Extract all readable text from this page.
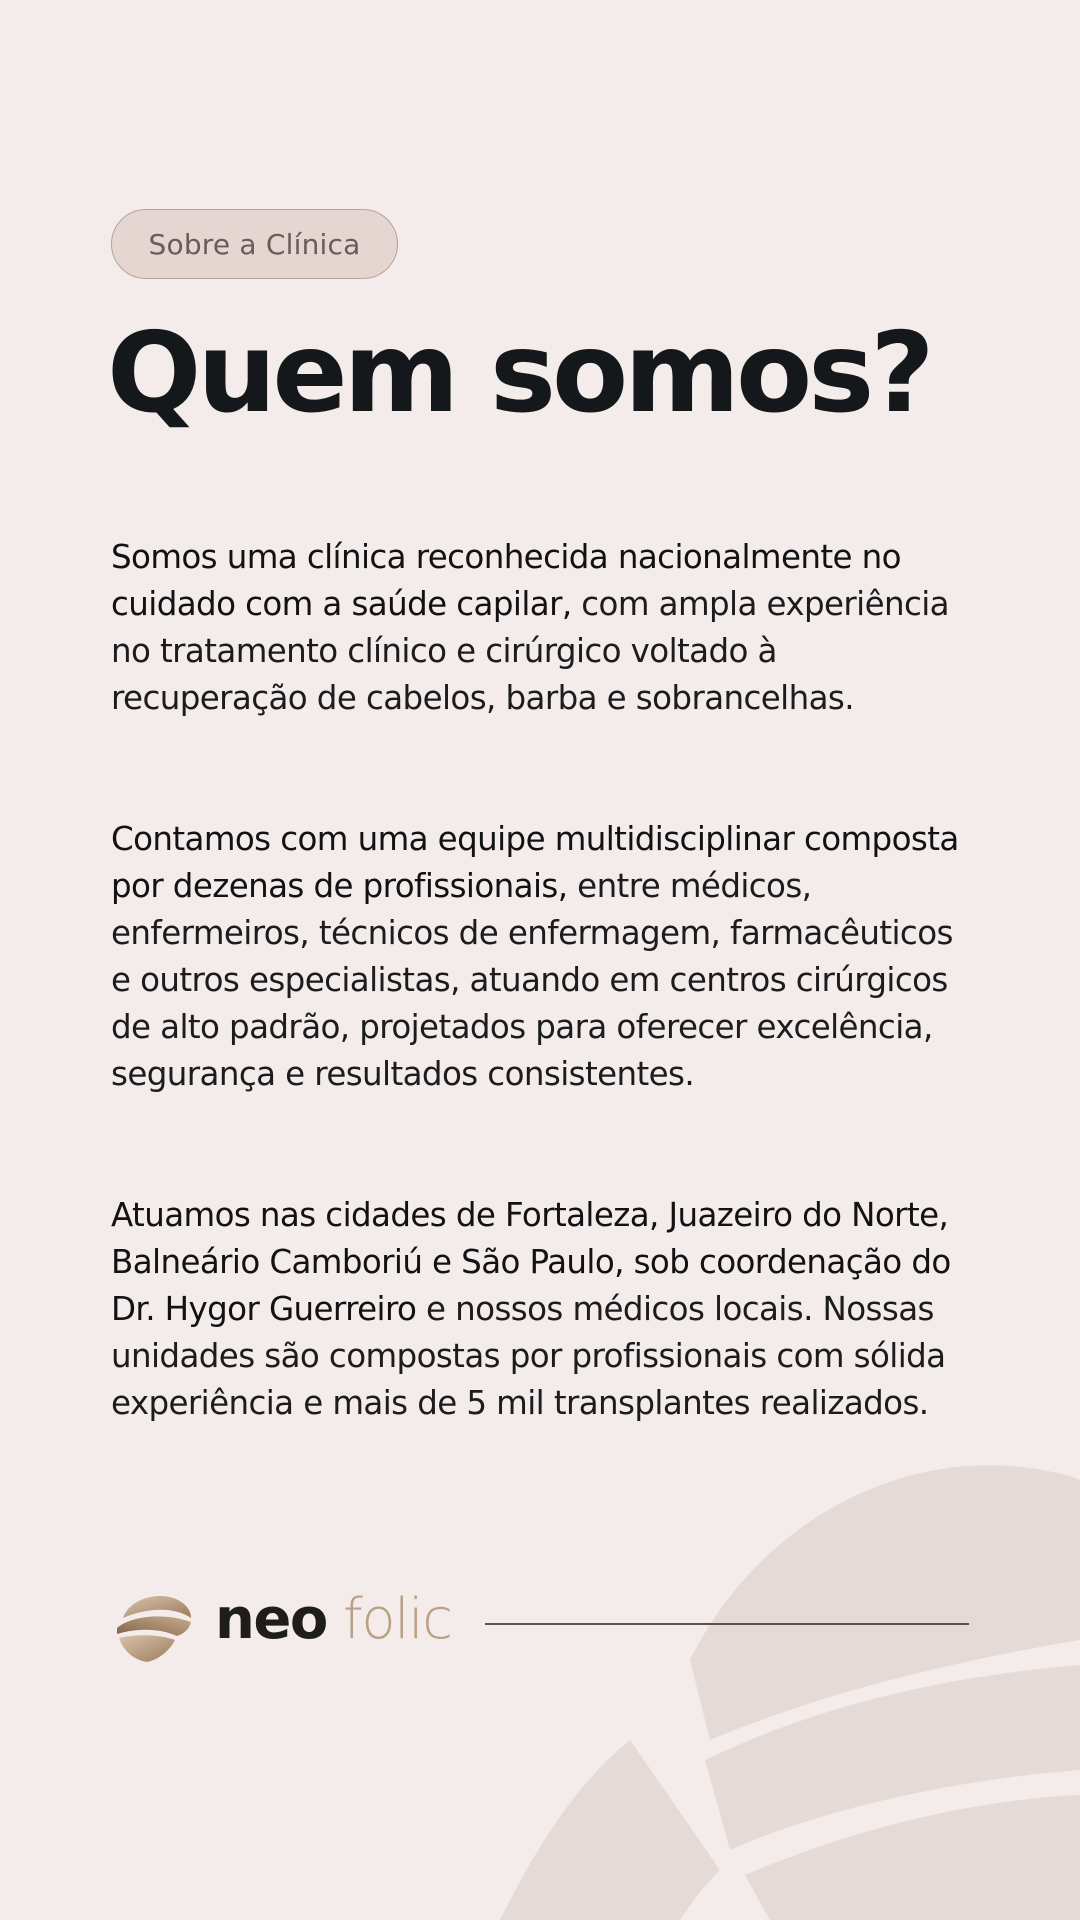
Sobre a Clínica
Quem somos?

Somos uma clínica reconhecida nacionalmente no cuidado com a saúde capilar, com ampla experiência no tratamento clínico e cirúrgico voltado à recuperação de cabelos, barba e sobrancelhas.

Contamos com uma equipe multidisciplinar composta por dezenas de profissionais, entre médicos, enfermeiros, técnicos de enfermagem, farmacêuticos e outros especialistas, atuando em centros cirúrgicos de alto padrão, projetados para oferecer excelência, segurança e resultados consistentes.

Atuamos nas cidades de Fortaleza, Juazeiro do Norte, Balneário Camboriú e São Paulo, sob coordenação do Dr. Hygor Guerreiro e nossos médicos locais. Nossas unidades são compostas por profissionais com sólida experiência e mais de 5 mil transplantes realizados.

neo folic
